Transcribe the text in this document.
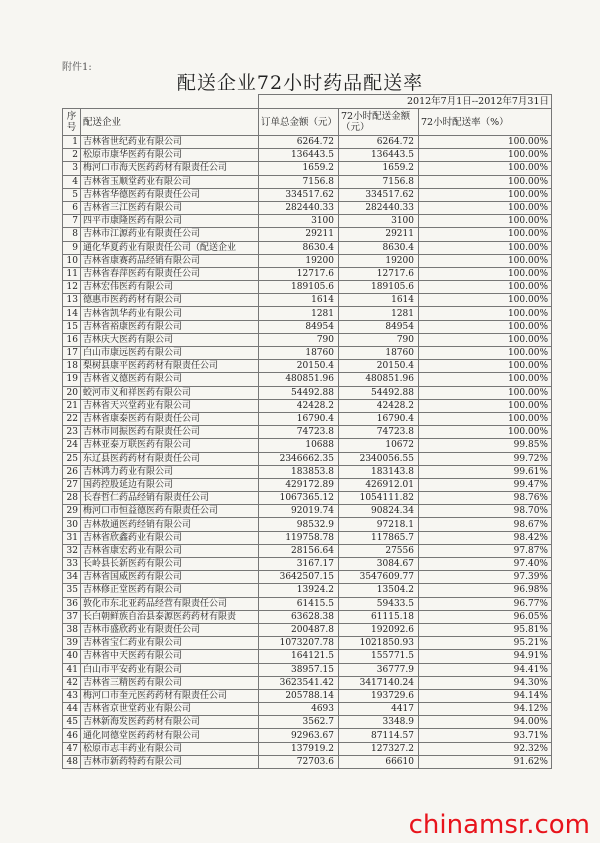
附件1:
配送企业72小时药品配送率
		2012年7月1日--2012年7月31日		
序号	配送企业	订单总金额（元）	72小时配送金额（元）	72小时配送率（%）
1	吉林省世纪药业有限公司	6264.72	6264.72	100.00%
2	松原市康华医药有限公司	136443.5	136443.5	100.00%
3	梅河口市海天医药药材有限责任公司	1659.2	1659.2	100.00%
4	吉林省玉顺堂药业有限公司	7156.8	7156.8	100.00%
5	吉林省华德医药有限责任公司	334517.62	334517.62	100.00%
6	吉林省三江医药有限公司	282440.33	282440.33	100.00%
7	四平市康隆医药有限公司	3100	3100	100.00%
8	吉林市江源药业有限责任公司	29211	29211	100.00%
9	通化华夏药业有限责任公司（配送企业	8630.4	8630.4	100.00%
10	吉林省康赛药品经销有限公司	19200	19200	100.00%
11	吉林省春萍医药有限责任公司	12717.6	12717.6	100.00%
12	吉林宏伟医药有限公司	189105.6	189105.6	100.00%
13	德惠市医药药材有限公司	1614	1614	100.00%
14	吉林省凯华药业有限公司	1281	1281	100.00%
15	吉林省裕康医药有限公司	84954	84954	100.00%
16	吉林庆大医药有限公司	790	790	100.00%
17	白山市康远医药有限公司	18760	18760	100.00%
18	梨树县康平医药药材有限责任公司	20150.4	20150.4	100.00%
19	吉林省义德医药有限公司	480851.96	480851.96	100.00%
20	蛟河市义和祥医药有限公司	54492.88	54492.88	100.00%
21	吉林省天兴堂药业有限公司	42428.2	42428.2	100.00%
22	吉林省康泰医药有限责任公司	16790.4	16790.4	100.00%
23	吉林市同振医药有限责任公司	74723.8	74723.8	100.00%
24	吉林亚泰万联医药有限公司	10688	10672	99.85%
25	东辽县医药药材有限责任公司	2346662.35	2340056.55	99.72%
26	吉林鸿力药业有限公司	183853.8	183143.8	99.61%
27	国药控股延边有限公司	429172.89	426912.01	99.47%
28	长春哲仁药品经销有限责任公司	1067365.12	1054111.82	98.76%
29	梅河口市恒益德医药有限责任公司	92019.74	90824.34	98.70%
30	吉林敖通医药经销有限公司	98532.9	97218.1	98.67%
31	吉林省欣鑫药业有限公司	119758.78	117865.7	98.42%
32	吉林省康宏药业有限公司	28156.64	27556	97.87%
33	长岭县长新医药有限公司	3167.17	3084.67	97.40%
34	吉林省国威医药有限公司	3642507.15	3547609.77	97.39%
35	吉林修正堂医药有限公司	13924.2	13504.2	96.98%
36	敦化市东北亚药品经营有限责任公司	61415.5	59433.5	96.77%
37	长白朝鲜族自治县泰源医药药材有限责	63628.38	61115.18	96.05%
38	吉林市盛欣药业有限责任公司	200487.8	192092.6	95.81%
39	吉林省宝仁药业有限公司	1073207.78	1021850.93	95.21%
40	吉林省中天医药有限公司	164121.5	155771.5	94.91%
41	白山市平安药业有限公司	38957.15	36777.9	94.41%
42	吉林省三精医药有限公司	3623541.42	3417140.24	94.30%
43	梅河口市奎元医药药材有限责任公司	205788.14	193729.6	94.14%
44	吉林省京世堂药业有限公司	4693	4417	94.12%
45	吉林新海发医药药材有限公司	3562.7	3348.9	94.00%
46	通化同德堂医药药材有限公司	92963.67	87114.57	93.71%
47	松原市志丰药业有限公司	137919.2	127327.2	92.32%
48	吉林市新药特药有限公司	72703.6	66610	91.62%
chinamsr.com
